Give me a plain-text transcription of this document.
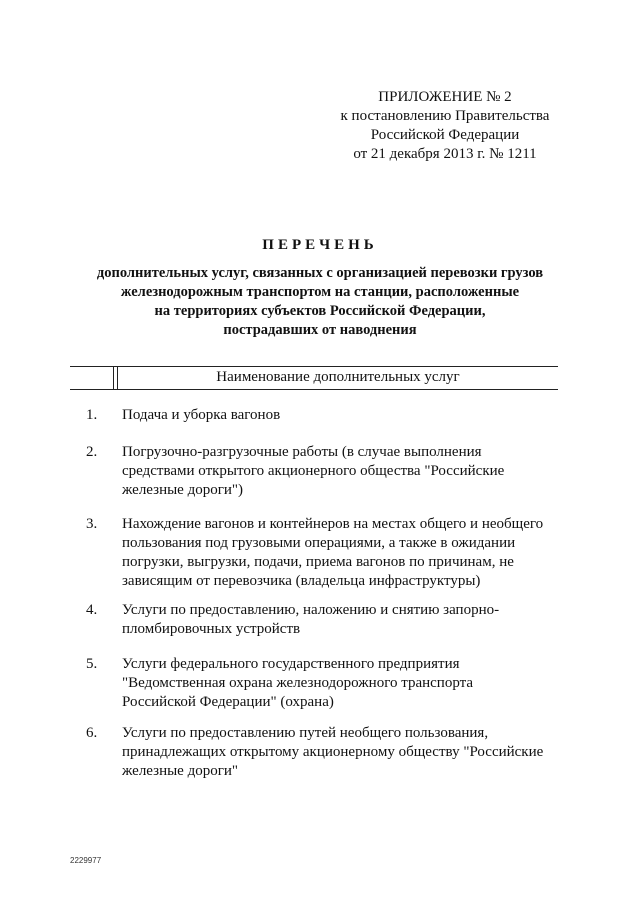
ПРИЛОЖЕНИЕ № 2
к постановлению Правительства
Российской Федерации
от 21 декабря 2013 г. № 1211
ПЕРЕЧЕНЬ
дополнительных услуг, связанных с организацией перевозки грузов
железнодорожным транспортом на станции, расположенные
на территориях субъектов Российской Федерации,
пострадавших от наводнения
Наименование дополнительных услуг
1. Подача и уборка вагонов
2. Погрузочно-разгрузочные работы (в случае выполнения
средствами открытого акционерного общества "Российские
железные дороги")
3. Нахождение вагонов и контейнеров на местах общего и необщего
пользования под грузовыми операциями, а также в ожидании
погрузки, выгрузки, подачи, приема вагонов по причинам, не
зависящим от перевозчика (владельца инфраструктуры)
4. Услуги по предоставлению, наложению и снятию запорно-
пломбировочных устройств
5. Услуги федерального государственного предприятия
"Ведомственная охрана железнодорожного транспорта
Российской Федерации" (охрана)
6. Услуги по предоставлению путей необщего пользования,
принадлежащих открытому акционерному обществу "Российские
железные дороги"
2229977
